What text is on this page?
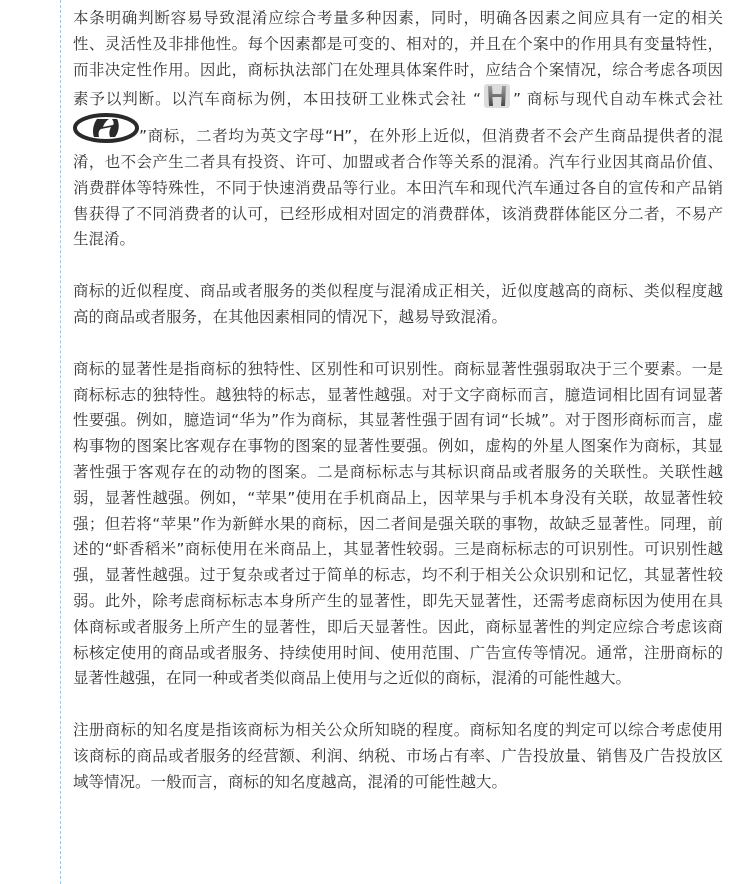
本条明确判断容易导致混淆应综合考量多种因素，同时，明确各因素之间应具有一定的相关性、灵活性及非排他性。每个因素都是可变的、相对的，并且在个案中的作用具有变量特性，而非决定性作用。因此，商标执法部门在处理具体案件时，应结合个案情况，综合考虑各项因素予以判断。以汽车商标为例，本田技研工业株式会社 “ ” 商标与现代自动车株式会社”商标，二者均为英文字母“H”，在外形上近似，但消费者不会产生商品提供者的混淆，也不会产生二者具有投资、许可、加盟或者合作等关系的混淆。汽车行业因其商品价值、消费群体等特殊性，不同于快速消费品等行业。本田汽车和现代汽车通过各自的宣传和产品销售获得了不同消费者的认可，已经形成相对固定的消费群体，该消费群体能区分二者，不易产生混淆。

商标的近似程度、商品或者服务的类似程度与混淆成正相关，近似度越高的商标、类似程度越高的商品或者服务，在其他因素相同的情况下，越易导致混淆。

商标的显著性是指商标的独特性、区别性和可识别性。商标显著性强弱取决于三个要素。一是商标标志的独特性。越独特的标志，显著性越强。对于文字商标而言，臆造词相比固有词显著性要强。例如，臆造词“华为”作为商标，其显著性强于固有词“长城”。对于图形商标而言，虚构事物的图案比客观存在事物的图案的显著性要强。例如，虚构的外星人图案作为商标，其显著性强于客观存在的动物的图案。二是商标标志与其标识商品或者服务的关联性。关联性越弱，显著性越强。例如，“苹果”使用在手机商品上，因苹果与手机本身没有关联，故显著性较强；但若将“苹果”作为新鲜水果的商标，因二者间是强关联的事物，故缺乏显著性。同理，前述的“虾香稻米”商标使用在米商品上，其显著性较弱。三是商标标志的可识别性。可识别性越强，显著性越强。过于复杂或者过于简单的标志，均不利于相关公众识别和记忆，其显著性较弱。此外，除考虑商标标志本身所产生的显著性，即先天显著性，还需考虑商标因为使用在具体商标或者服务上所产生的显著性，即后天显著性。因此，商标显著性的判定应综合考虑该商标核定使用的商品或者服务、持续使用时间、使用范围、广告宣传等情况。通常，注册商标的显著性越强，在同一种或者类似商品上使用与之近似的商标，混淆的可能性越大。

注册商标的知名度是指该商标为相关公众所知晓的程度。商标知名度的判定可以综合考虑使用该商标的商品或者服务的经营额、利润、纳税、市场占有率、广告投放量、销售及广告投放区域等情况。一般而言，商标的知名度越高，混淆的可能性越大。
